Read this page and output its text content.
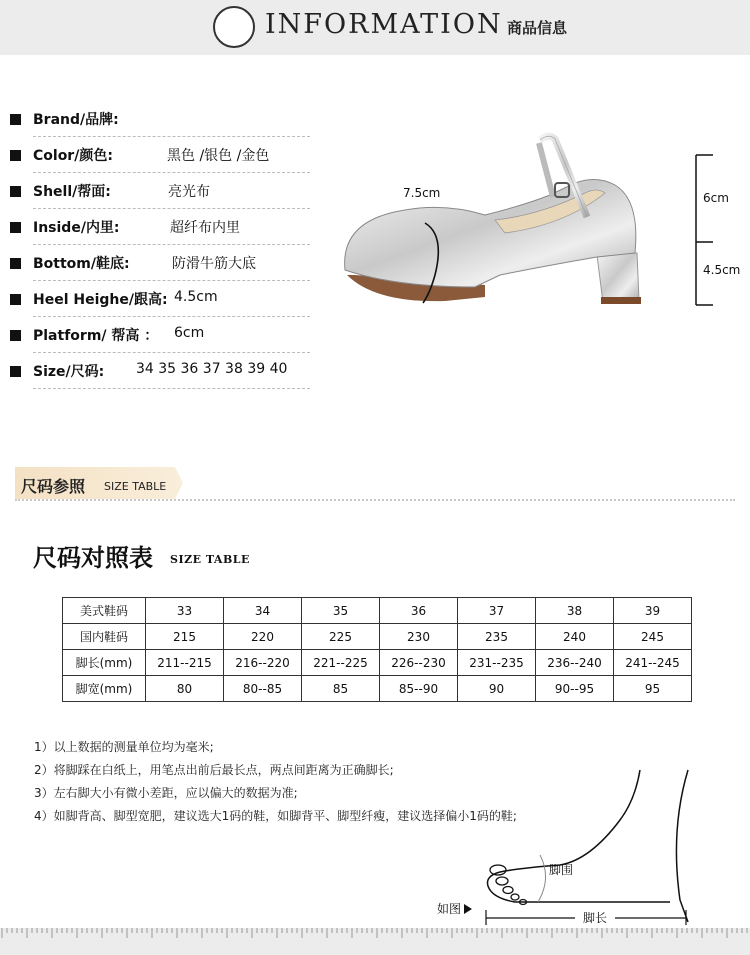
INFORMATION 商品信息
Brand/品牌:
Color/颜色:	黑色 /银色 /金色
Shell/帮面:	亮光布
Inside/内里:	超纤布内里
Bottom/鞋底:	防滑牛筋大底
Heel Heighe/跟高: 4.5cm
Platform/ 帮高 ： 6cm
Size/尺码: 34 35 36 37 38 39 40
7.5cm	6cm
4.5cm
尺码参照 SIZE TABLE
尺码对照表 SIZE TABLE
美式鞋码	33	34	35	36	37	38	39
国内鞋码	215	220	225	230	235	240	245
脚长(mm)	211--215	216--220	221--225	226--230	231--235	236--240	241--245
脚宽(mm)	80	80--85	85	85--90	90	90--95	95
1）以上数据的测量单位均为毫米;
2）将脚踩在白纸上，用笔点出前后最长点，两点间距离为正确脚长;
3）左右脚大小有微小差距，应以偏大的数据为准;
4）如脚背高、脚型宽肥，建议选大1码的鞋，如脚背平、脚型纤瘦，建议选择偏小1码的鞋;
脚围
脚长
如图
